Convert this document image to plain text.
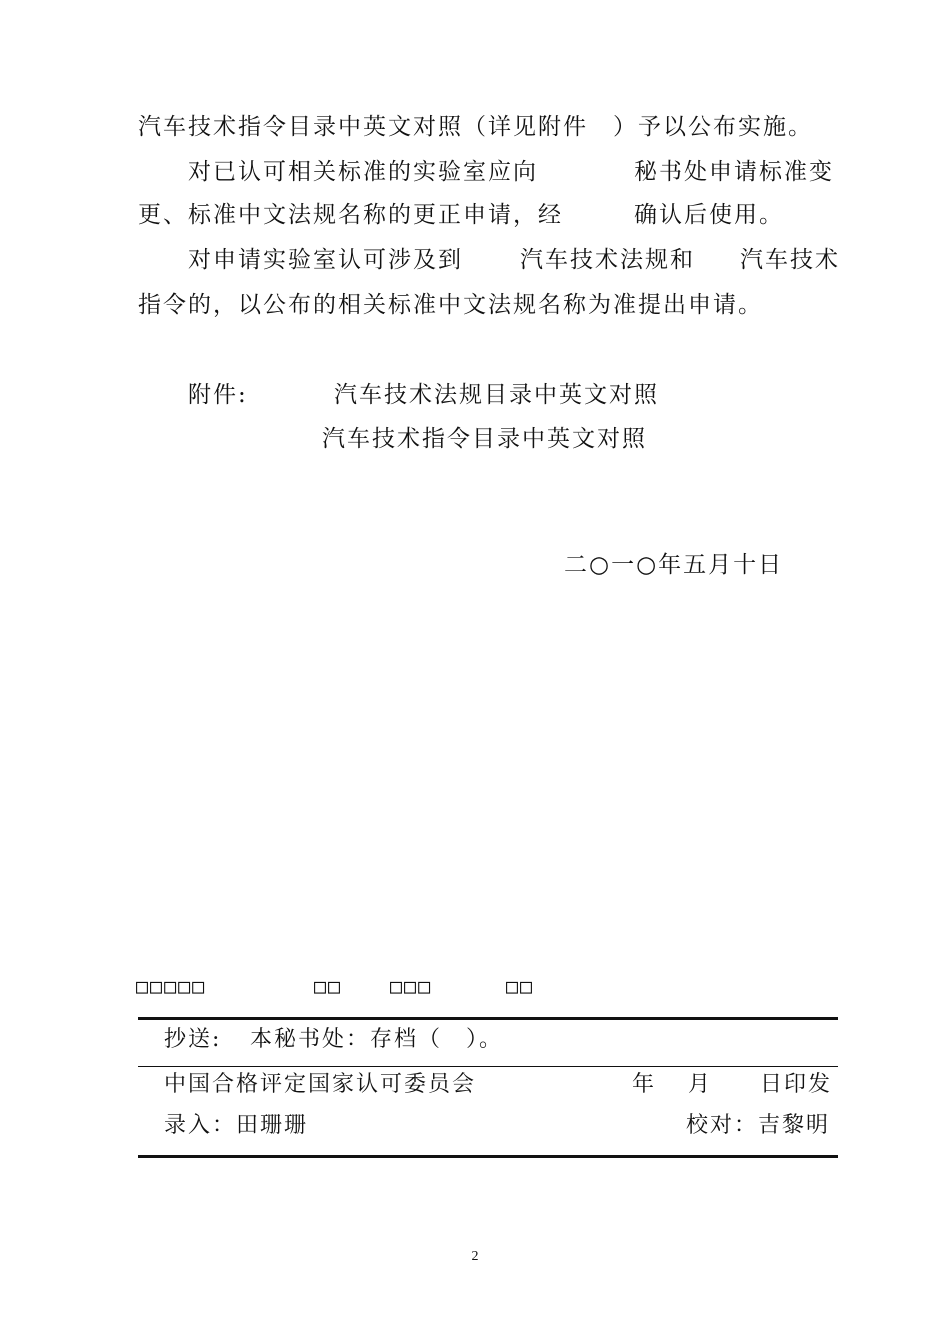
汽车技术指令目录中英文对照（详见附件　）予以公布实施。
对已认可相关标准的实验室应向	秘书处申请标准变
更、标准中文法规名称的更正申请，经	确认后使用。
对申请实验室认可涉及到 汽车技术法规和 汽车技术
指令的，以公布的相关标准中文法规名称为准提出申请。
附件:	汽车技术法规目录中英文对照
汽车技术指令目录中英文对照
二○一○年五月十日
□□□□□	□□ □□□	□□
抄送: 本秘书处：存档（　）。
中国合格评定国家认可委员会	年 月 日印发
录入：田珊珊	校对：吉黎明
2
